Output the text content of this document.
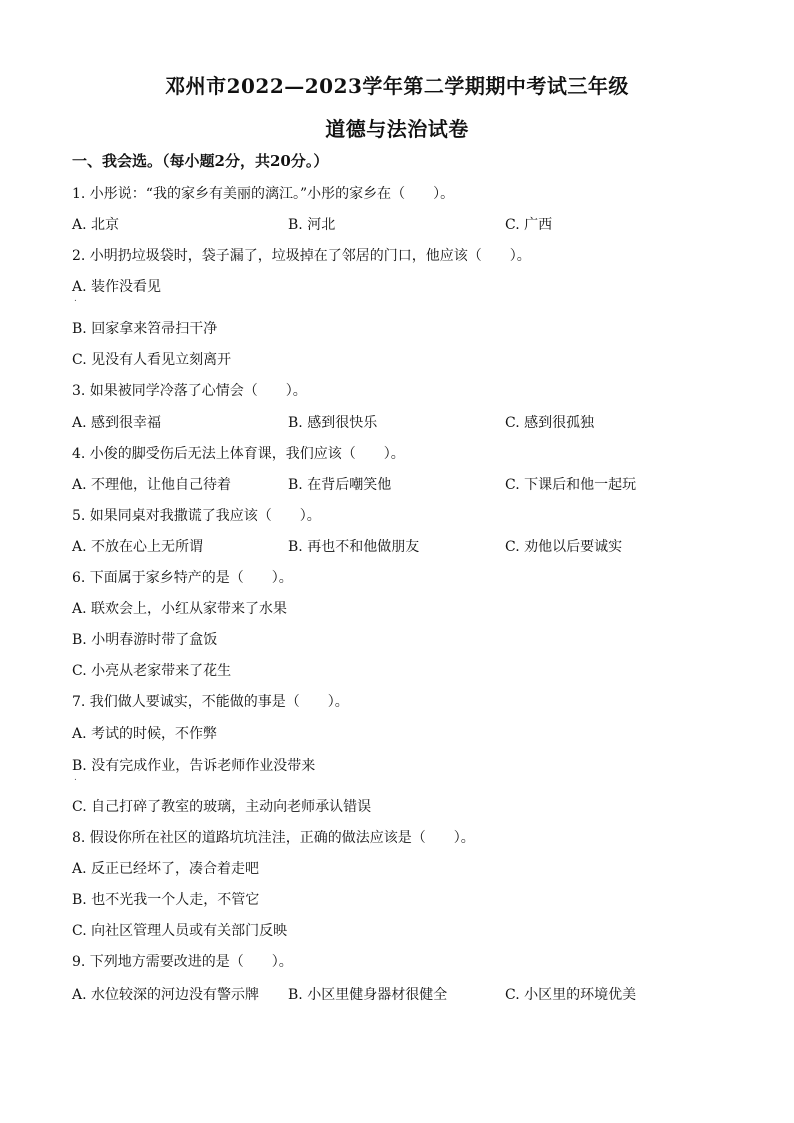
邓州市2022—2023学年第二学期期中考试三年级
道德与法治试卷
一、我会选。（每小题2分，共20分。）
1. 小彤说：“我的家乡有美丽的漓江。”小彤的家乡在（　　）。
A. 北京	B. 河北	C. 广西
2. 小明扔垃圾袋时，袋子漏了，垃圾掉在了邻居的门口，他应该（　　）。
A. 装作没看见
.
B. 回家拿来笤帚扫干净
C. 见没有人看见立刻离开
3. 如果被同学冷落了心情会（　　）。
A. 感到很幸福	B. 感到很快乐	C. 感到很孤独
4. 小俊的脚受伤后无法上体育课，我们应该（　　）。
A. 不理他，让他自己待着	B. 在背后嘲笑他	C. 下课后和他一起玩
5. 如果同桌对我撒谎了我应该（　　）。
A. 不放在心上无所谓	B. 再也不和他做朋友	C. 劝他以后要诚实
6. 下面属于家乡特产的是（　　）。
A. 联欢会上，小红从家带来了水果
B. 小明春游时带了盒饭
C. 小亮从老家带来了花生
7. 我们做人要诚实，不能做的事是（　　）。
A. 考试的时候，不作弊
B. 没有完成作业，告诉老师作业没带来
.
C. 自己打碎了教室的玻璃，主动向老师承认错误
8. 假设你所在社区的道路坑坑洼洼，正确的做法应该是（　　）。
A. 反正已经坏了，凑合着走吧
B. 也不光我一个人走，不管它
C. 向社区管理人员或有关部门反映
9. 下列地方需要改进的是（　　）。
A. 水位较深的河边没有警示牌 B. 小区里健身器材很健全	C. 小区里的环境优美
